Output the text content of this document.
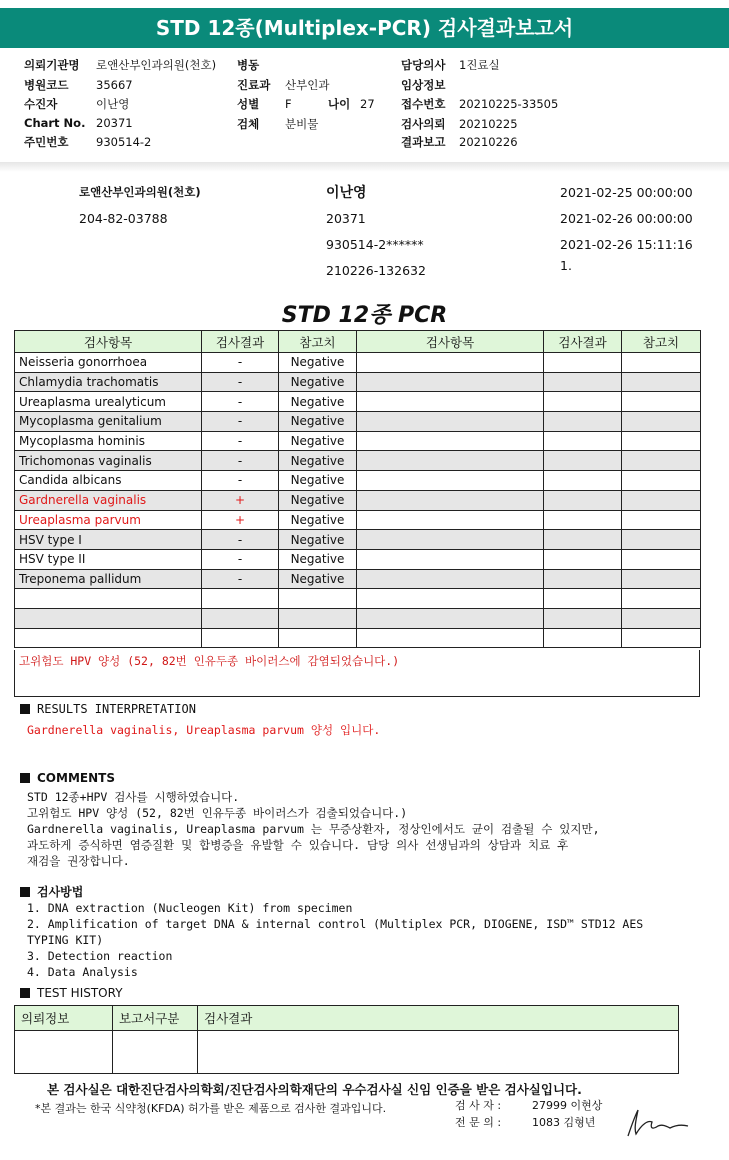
STD 12종(Multiplex-PCR) 검사결과보고서
의뢰기관명 로앤산부인과의원(천호)
병원코드 35667
수진자	이난영
Chart No. 20371
주민번호 930514-2
병동
진료과 산부인과
성별 F	나이 27
검체 분비물
담당의사 1진료실
임상정보
접수번호 20210225-33505
검사의뢰 20210225
결과보고 20210226
로앤산부인과의원(천호)
204-82-03788
이난영
20371
930514-2******
210226-132632
2021-02-25 00:00:00
2021-02-26 00:00:00
2021-02-26 15:11:16
1.
STD 12종 PCR
검사항목	검사결과	참고치	검사항목	검사결과	참고치
Neisseria gonorrhoea	-	Negative			
Chlamydia trachomatis	-	Negative			
Ureaplasma urealyticum	-	Negative			
Mycoplasma genitalium	-	Negative			
Mycoplasma hominis	-	Negative			
Trichomonas vaginalis	-	Negative			
Candida albicans	-	Negative			
Gardnerella vaginalis	+	Negative			
Ureaplasma parvum	+	Negative			
HSV type I	-	Negative			
HSV type II	-	Negative			
Treponema pallidum	-	Negative			

고위험도 HPV 양성 (52, 82번 인유두종 바이러스에 감염되었습니다.)
RESULTS INTERPRETATION
Gardnerella vaginalis, Ureaplasma parvum 양성 입니다.
COMMENTS
STD 12종+HPV 검사를 시행하였습니다.
고위험도 HPV 양성 (52, 82번 인유두종 바이러스가 검출되었습니다.)
Gardnerella vaginalis, Ureaplasma parvum 는 무증상환자, 정상인에서도 균이 검출될 수 있지만,
과도하게 증식하면 염증질환 및 합병증을 유발할 수 있습니다. 담당 의사 선생님과의 상담과 치료 후
재검을 권장합니다.
검사방법
1. DNA extraction (Nucleogen Kit) from specimen
2. Amplification of target DNA & internal control (Multiplex PCR, DIOGENE, ISD™ STD12 AES
TYPING KIT)
3. Detection reaction
4. Data Analysis
TEST HISTORY
의뢰정보	보고서구분	검사결과

본 검사실은 대한진단검사의학회/진단검사의학재단의 우수검사실 신임 인증을 받은 검사실입니다.
*본 결과는 한국 식약청(KFDA) 허가를 받은 제품으로 검사한 결과입니다.	검 사 자 :	27999 이현상
전 문 의 :	1083 김형년
